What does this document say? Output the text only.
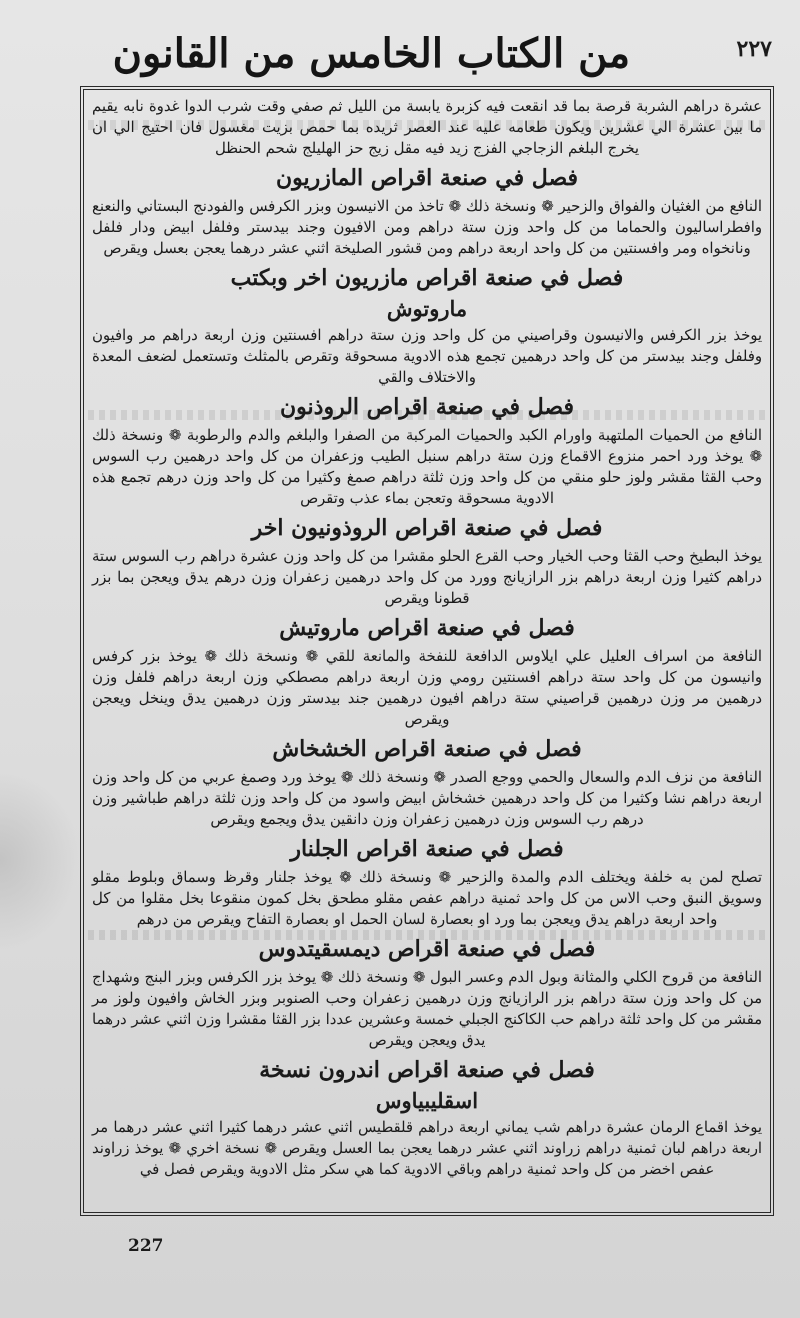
من الكتاب الخامس من القانون	٢٢٧
عشرة دراهم الشربة قرصة بما قد انقعت فيه كزبرة يابسة من الليل ثم صفي وقت شرب الدوا غدوة نابه يقيم ما بين عشرة الي عشرين ويكون طعامه عليه عند العصر ثريده بما حمص بزيت مغسول فان احتيج الي ان يخرج البلغم الزجاجي الفزج زيد فيه مقل زيج حز الهليلج شحم الحنظل
فصل في صنعة اقراص المازريون
النافع من الغثيان والفواق والزحير ❁ ونسخة ذلك ❁ تاخذ من الانيسون وبزر الكرفس والفودنج البستاني والنعنع وافطراساليون والحماما من كل واحد وزن ستة دراهم ومن الافيون وجند بيدستر وفلفل ابيض ودار فلفل ونانخواه ومر وافسنتين من كل واحد اربعة دراهم ومن قشور الصليخة اثني عشر درهما يعجن بعسل ويقرص
فصل في صنعة اقراص مازريون اخر وبكتب
ماروتوش
يوخذ بزر الكرفس والانيسون وقراصيني من كل واحد وزن ستة دراهم افسنتين وزن اربعة دراهم مر وافيون وفلفل وجند بيدستر من كل واحد درهمين تجمع هذه الادوية مسحوقة وتقرص بالمثلث وتستعمل لضعف المعدة والاختلاف والقي
فصل في صنعة اقراص الروذنون
النافع من الحميات الملتهبة واورام الكبد والحميات المركبة من الصفرا والبلغم والدم والرطوبة ❁ ونسخة ذلك ❁ يوخذ ورد احمر منزوع الاقماع وزن ستة دراهم سنبل الطيب وزعفران من كل واحد درهمين رب السوس وحب القثا مقشر ولوز حلو منقي من كل واحد وزن ثلثة دراهم صمغ وكثيرا من كل واحد وزن درهم تجمع هذه الادوية مسحوقة وتعجن بماء عذب وتقرص
فصل في صنعة اقراص الروذونيون اخر
يوخذ البطيخ وحب القثا وحب الخيار وحب القرع الحلو مقشرا من كل واحد وزن عشرة دراهم رب السوس ستة دراهم كثيرا وزن اربعة دراهم بزر الرازيانج وورد من كل واحد درهمين زعفران وزن درهم يدق ويعجن بما بزر قطونا ويقرص
فصل في صنعة اقراص ماروتيش
النافعة من اسراف العليل علي ايلاوس الدافعة للنفخة والمانعة للقي ❁ ونسخة ذلك ❁ يوخذ بزر كرفس وانيسون من كل واحد ستة دراهم افسنتين رومي وزن اربعة دراهم مصطكي وزن اربعة دراهم فلفل وزن درهمين مر وزن درهمين قراصيني ستة دراهم افيون درهمين جند بيدستر وزن درهمين يدق وينخل ويعجن ويقرص
فصل في صنعة اقراص الخشخاش
النافعة من نزف الدم والسعال والحمي ووجع الصدر ❁ ونسخة ذلك ❁ يوخذ ورد وصمغ عربي من كل واحد وزن اربعة دراهم نشا وكثيرا من كل واحد درهمين خشخاش ابيض واسود من كل واحد وزن ثلثة دراهم طباشير وزن درهم رب السوس وزن درهمين زعفران وزن دانقين يدق ويجمع ويقرص
فصل في صنعة اقراص الجلنار
تصلح لمن به خلفة ويختلف الدم والمدة والزحير ❁ ونسخة ذلك ❁ يوخذ جلنار وقرظ وسماق وبلوط مقلو وسويق النبق وحب الاس من كل واحد ثمنية دراهم عفص مقلو مطحق بخل كمون منقوعا بخل مقلوا من كل واحد اربعة دراهم يدق ويعجن بما ورد او بعصارة لسان الحمل او بعصارة التفاح ويقرص من درهم
فصل في صنعة اقراص ديمسقيتدوس
النافعة من قروح الكلي والمثانة وبول الدم وعسر البول ❁ ونسخة ذلك ❁ يوخذ بزر الكرفس وبزر البنج وشهداج من كل واحد وزن ستة دراهم بزر الرازيانج وزن درهمين زعفران وحب الصنوبر وبزر الخاش وافيون ولوز مر مقشر من كل واحد ثلثة دراهم حب الكاكنج الجبلي خمسة وعشرين عددا بزر القثا مقشرا وزن اثني عشر درهما يدق ويعجن ويقرص
فصل في صنعة اقراص اندرون نسخة
اسقليبياوس
يوخذ اقماع الرمان عشرة دراهم شب يماني اربعة دراهم قلقطيس اثني عشر درهما كثيرا اثني عشر درهما مر اربعة دراهم لبان ثمنية دراهم زراوند اثني عشر درهما يعجن بما العسل ويقرص ❁ نسخة اخري ❁ يوخذ زراوند عفص اخضر من كل واحد ثمنية دراهم وباقي الادوية كما هي سكر مثل الادوية ويقرص فصل في
227
